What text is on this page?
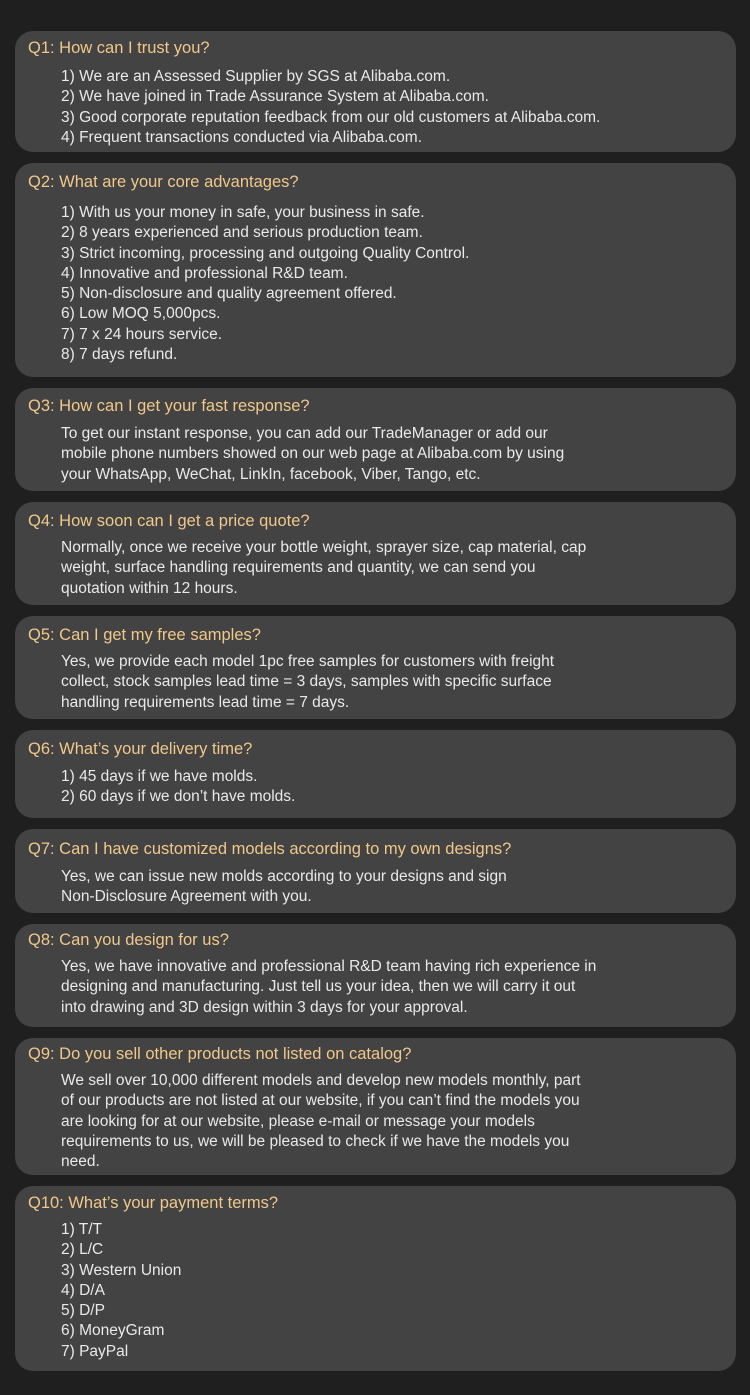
Q1: How can I trust you?
1) We are an Assessed Supplier by SGS at Alibaba.com.
2) We have joined in Trade Assurance System at Alibaba.com.
3) Good corporate reputation feedback from our old customers at Alibaba.com.
4) Frequent transactions conducted via Alibaba.com.
Q2: What are your core advantages?
1) With us your money in safe, your business in safe.
2) 8 years experienced and serious production team.
3) Strict incoming, processing and outgoing Quality Control.
4) Innovative and professional R&D team.
5) Non-disclosure and quality agreement offered.
6) Low MOQ 5,000pcs.
7) 7 x 24 hours service.
8) 7 days refund.
Q3: How can I get your fast response?
To get our instant response, you can add our TradeManager or add our
mobile phone numbers showed on our web page at Alibaba.com by using
your WhatsApp, WeChat, LinkIn, facebook, Viber, Tango, etc.
Q4: How soon can I get a price quote?
Normally, once we receive your bottle weight, sprayer size, cap material, cap
weight, surface handling requirements and quantity, we can send you
quotation within 12 hours.
Q5: Can I get my free samples?
Yes, we provide each model 1pc free samples for customers with freight
collect, stock samples lead time = 3 days, samples with specific surface
handling requirements lead time = 7 days.
Q6: What’s your delivery time?
1) 45 days if we have molds.
2) 60 days if we don’t have molds.
Q7: Can I have customized models according to my own designs?
Yes, we can issue new molds according to your designs and sign
Non-Disclosure Agreement with you.
Q8: Can you design for us?
Yes, we have innovative and professional R&D team having rich experience in
designing and manufacturing. Just tell us your idea, then we will carry it out
into drawing and 3D design within 3 days for your approval.
Q9: Do you sell other products not listed on catalog?
We sell over 10,000 different models and develop new models monthly, part
of our products are not listed at our website, if you can’t find the models you
are looking for at our website, please e-mail or message your models
requirements to us, we will be pleased to check if we have the models you
need.
Q10: What’s your payment terms?
1) T/T
2) L/C
3) Western Union
4) D/A
5) D/P
6) MoneyGram
7) PayPal
